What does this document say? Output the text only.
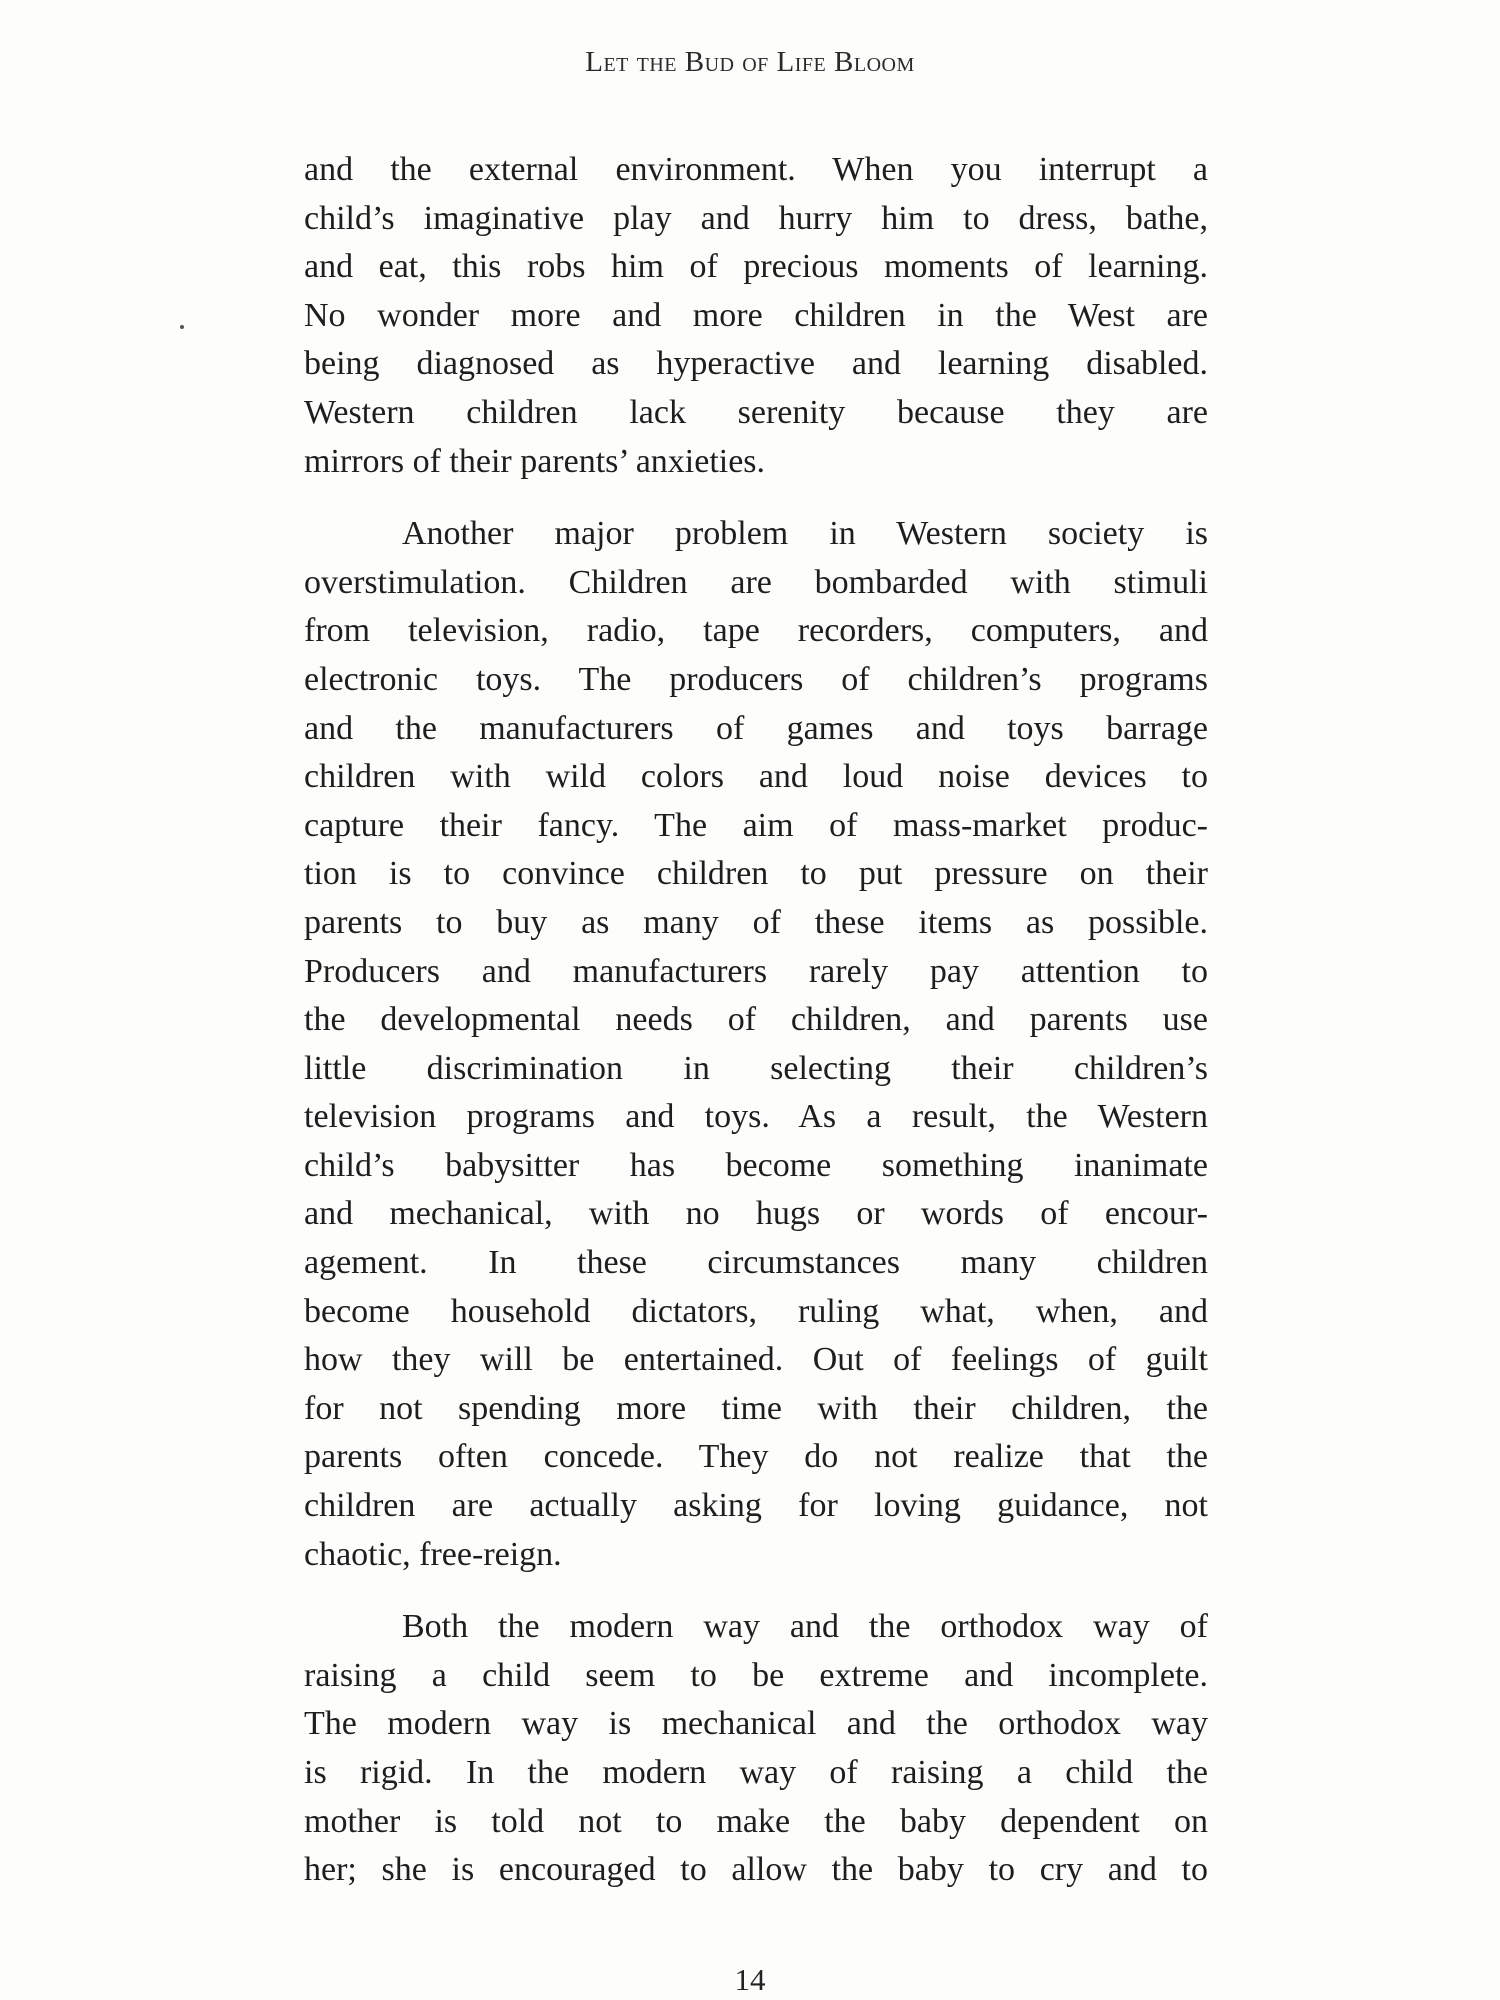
Let the Bud of Life Bloom

and the external environment. When you interrupt a

child’s imaginative play and hurry him to dress, bathe,

and eat, this robs him of precious moments of learning.

No wonder more and more children in the West are

being diagnosed as hyperactive and learning disabled.

Western children lack serenity because they are

mirrors of their parents’ anxieties.

Another major problem in Western society is

overstimulation. Children are bombarded with stimuli

from television, radio, tape recorders, computers, and

electronic toys. The producers of children’s programs

and the manufacturers of games and toys barrage

children with wild colors and loud noise devices to

capture their fancy. The aim of mass-market produc-

tion is to convince children to put pressure on their

parents to buy as many of these items as possible.

Producers and manufacturers rarely pay attention to

the developmental needs of children, and parents use

little discrimination in selecting their children’s

television programs and toys. As a result, the Western

child’s babysitter has become something inanimate

and mechanical, with no hugs or words of encour-

agement. In these circumstances many children

become household dictators, ruling what, when, and

how they will be entertained. Out of feelings of guilt

for not spending more time with their children, the

parents often concede. They do not realize that the

children are actually asking for loving guidance, not

chaotic, free-reign.

Both the modern way and the orthodox way of

raising a child seem to be extreme and incomplete.

The modern way is mechanical and the orthodox way

is rigid. In the modern way of raising a child the

mother is told not to make the baby dependent on

her; she is encouraged to allow the baby to cry and to

14
